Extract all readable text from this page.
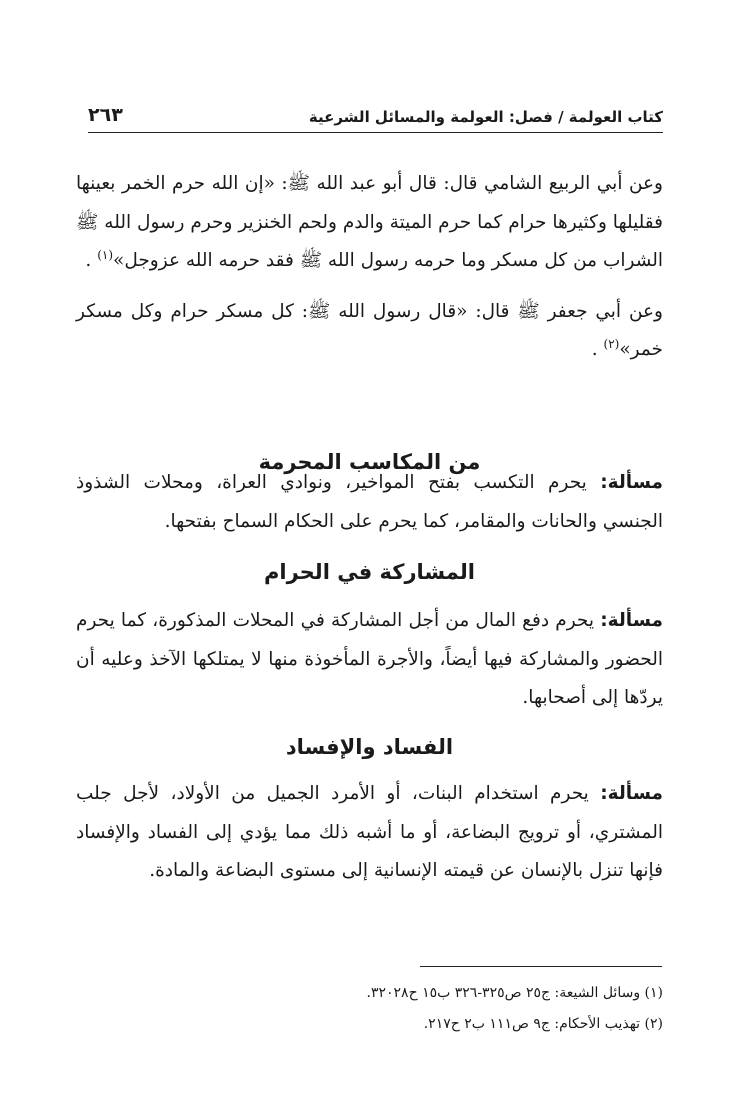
٢٦٣	كتاب العولمة / فصل: العولمة والمسائل الشرعية

وعن أبي الربيع الشامي قال: قال أبو عبد الله ﷺ: «إن الله حرم الخمر بعينها فقليلها وكثيرها حرام كما حرم الميتة والدم ولحم الخنزير وحرم رسول الله ﷺ الشراب من كل مسكر وما حرمه رسول الله ﷺ فقد حرمه الله عزوجل»$^{(١)}$ .

وعن أبي جعفر ﷺ قال: «قال رسول الله ﷺ: كل مسكر حرام وكل مسكر خمر»$^{(٢)}$ .

من المكاسب المحرمة

مسألة: يحرم التكسب بفتح المواخير، ونوادي العراة، ومحلات الشذوذ الجنسي والحانات والمقامر، كما يحرم على الحكام السماح بفتحها.

المشاركة في الحرام

مسألة: يحرم دفع المال من أجل المشاركة في المحلات المذكورة، كما يحرم الحضور والمشاركة فيها أيضاً، والأجرة المأخوذة منها لا يمتلكها الآخذ وعليه أن يردّها إلى أصحابها.

الفساد والإفساد

مسألة: يحرم استخدام البنات، أو الأمرد الجميل من الأولاد، لأجل جلب المشتري، أو ترويج البضاعة، أو ما أشبه ذلك مما يؤدي إلى الفساد والإفساد فإنها تنزل بالإنسان عن قيمته الإنسانية إلى مستوى البضاعة والمادة.

(١) وسائل الشيعة: ج٢٥ ص٣٢٥-٣٢٦ ب١٥ ح٣٢٠٢٨.

(٢) تهذيب الأحكام: ج٩ ص١١١ ب٢ ح٢١٧.
